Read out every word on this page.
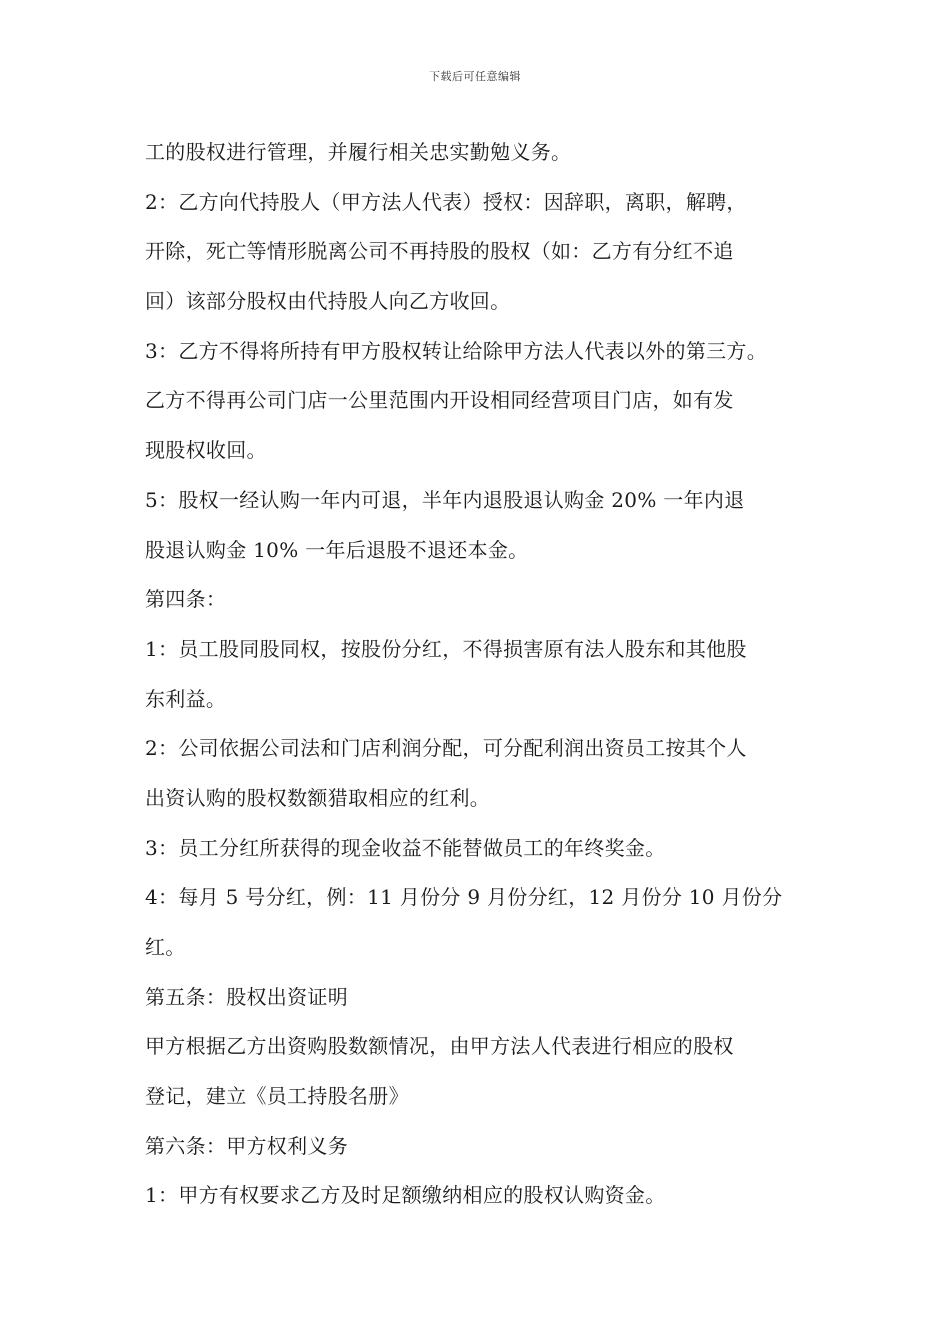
下载后可任意编辑
工的股权进行管理，并履行相关忠实勤勉义务。
2：乙方向代持股人（甲方法人代表）授权：因辞职，离职，解聘，
开除，死亡等情形脱离公司不再持股的股权（如：乙方有分红不追
回）该部分股权由代持股人向乙方收回。
3：乙方不得将所持有甲方股权转让给除甲方法人代表以外的第三方。
乙方不得再公司门店一公里范围内开设相同经营项目门店，如有发
现股权收回。
5：股权一经认购一年内可退，半年内退股退认购金 20% 一年内退
股退认购金 10% 一年后退股不退还本金。
第四条：
1：员工股同股同权，按股份分红，不得损害原有法人股东和其他股
东利益。
2：公司依据公司法和门店利润分配，可分配利润出资员工按其个人
出资认购的股权数额猎取相应的红利。
3：员工分红所获得的现金收益不能替做员工的年终奖金。
4：每月 5 号分红，例：11 月份分 9 月份分红，12 月份分 10 月份分
红。
第五条：股权出资证明
甲方根据乙方出资购股数额情况，由甲方法人代表进行相应的股权
登记，建立《员工持股名册》
第六条：甲方权利义务
1：甲方有权要求乙方及时足额缴纳相应的股权认购资金。
